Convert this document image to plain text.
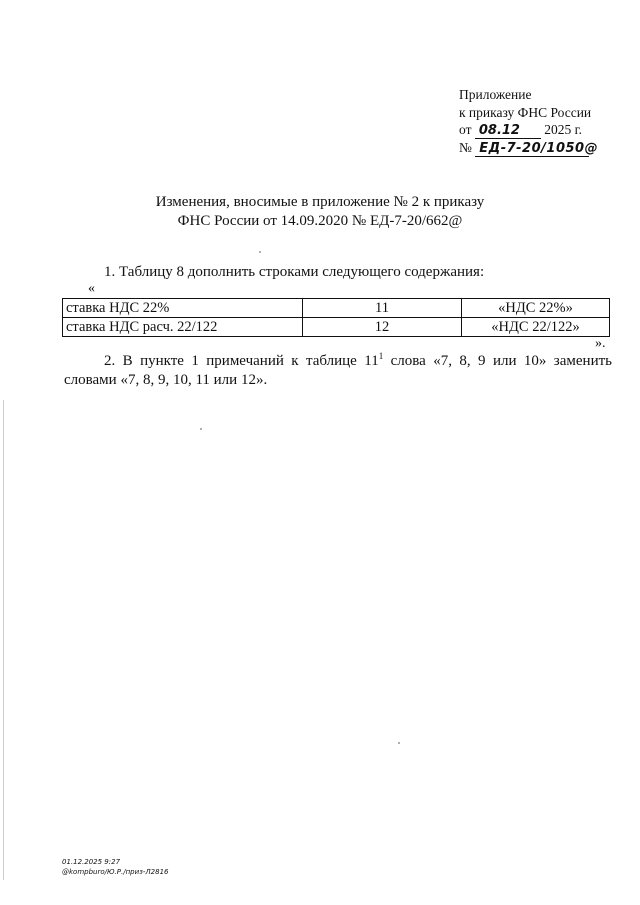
Приложение
к приказу ФНС России
от 08.12 2025 г.
№ ЕД-7-20/1050@
Изменения, вносимые в приложение № 2 к приказу
ФНС России от 14.09.2020 № ЕД-7-20/662@
1. Таблицу 8 дополнить строками следующего содержания:
«
ставка НДС 22%	11	«НДС 22%»
ставка НДС расч. 22/122	12	«НДС 22/122»
».
2. В пункте 1 примечаний к таблице $11^1$ слова «7, 8, 9 или 10» заменить словами «7, 8, 9, 10, 11 или 12».
01.12.2025 9:27
@kompburo/Ю.Р./приз-Л2816
